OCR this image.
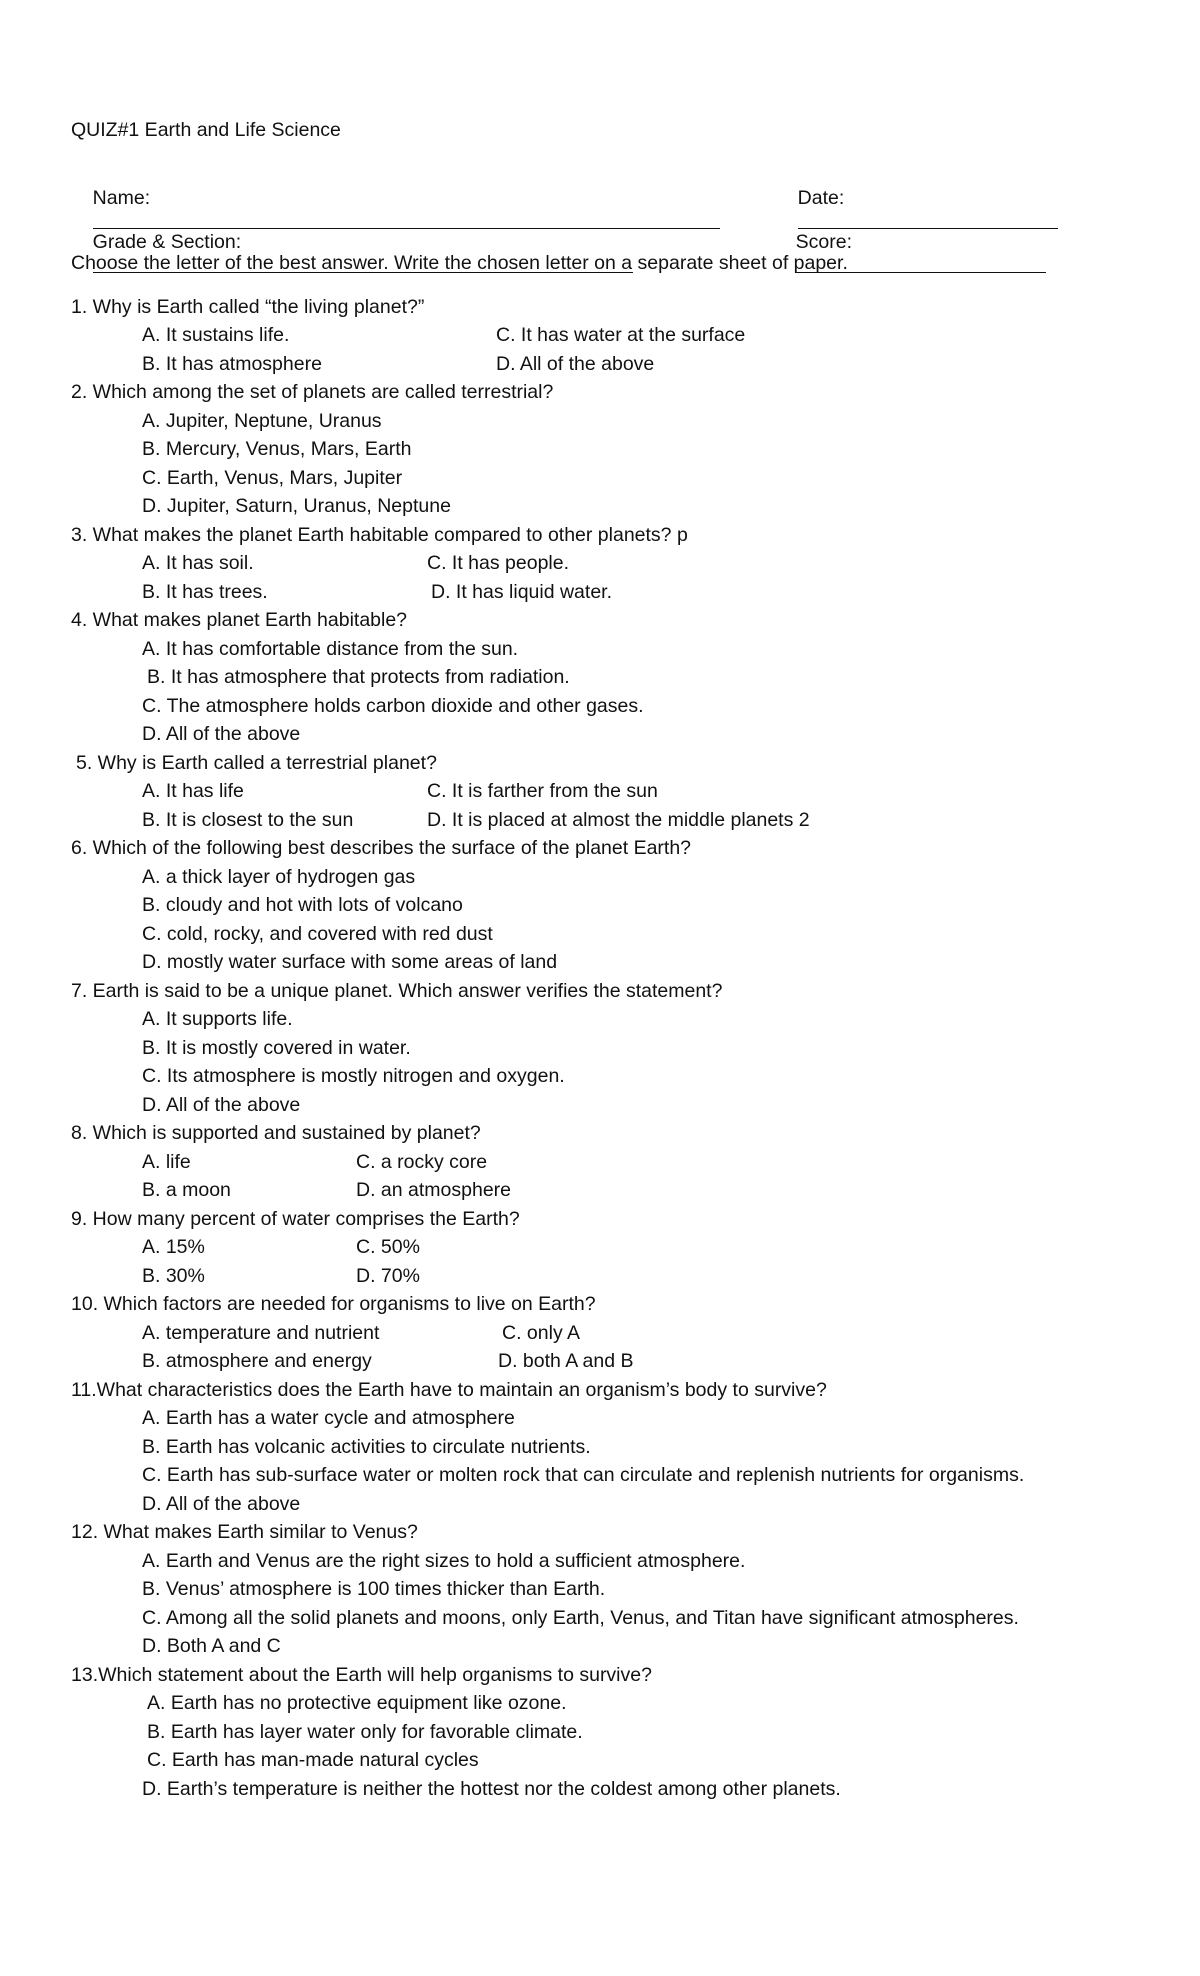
QUIZ#1 Earth and Life Science

Name:

	Date:

Grade & Section:

	Score:

Choose the letter of the best answer. Write the chosen letter on a separate sheet of paper.
1. Why is Earth called “the living planet?”
A. It sustains life.	C. It has water at the surface
B. It has atmosphere	D. All of the above
2. Which among the set of planets are called terrestrial?
A. Jupiter, Neptune, Uranus
B. Mercury, Venus, Mars, Earth
C. Earth, Venus, Mars, Jupiter
D. Jupiter, Saturn, Uranus, Neptune
3. What makes the planet Earth habitable compared to other planets? p
A. It has soil.	C. It has people.
B. It has trees.	D. It has liquid water.
4. What makes planet Earth habitable?
A. It has comfortable distance from the sun.
B. It has atmosphere that protects from radiation.
C. The atmosphere holds carbon dioxide and other gases.
D. All of the above
5. Why is Earth called a terrestrial planet?
A. It has life	C. It is farther from the sun
B. It is closest to the sun	D. It is placed at almost the middle planets 2
6. Which of the following best describes the surface of the planet Earth?
A. a thick layer of hydrogen gas
B. cloudy and hot with lots of volcano
C. cold, rocky, and covered with red dust
D. mostly water surface with some areas of land
7. Earth is said to be a unique planet. Which answer verifies the statement?
A. It supports life.
B. It is mostly covered in water.
C. Its atmosphere is mostly nitrogen and oxygen.
D. All of the above
8. Which is supported and sustained by planet?
A. life	C. a rocky core
B. a moon	D. an atmosphere
9. How many percent of water comprises the Earth?
A. 15%	C. 50%
B. 30%	D. 70%
10. Which factors are needed for organisms to live on Earth?
A. temperature and nutrient	C. only A
B. atmosphere and energy	D. both A and B
11.What characteristics does the Earth have to maintain an organism’s body to survive?
A. Earth has a water cycle and atmosphere
B. Earth has volcanic activities to circulate nutrients.
C. Earth has sub-surface water or molten rock that can circulate and replenish nutrients for organisms.
D. All of the above
12. What makes Earth similar to Venus?
A. Earth and Venus are the right sizes to hold a sufficient atmosphere.
B. Venus’ atmosphere is 100 times thicker than Earth.
C. Among all the solid planets and moons, only Earth, Venus, and Titan have significant atmospheres.
D. Both A and C
13.Which statement about the Earth will help organisms to survive?
A. Earth has no protective equipment like ozone.
B. Earth has layer water only for favorable climate.
C. Earth has man-made natural cycles
D. Earth’s temperature is neither the hottest nor the coldest among other planets.
